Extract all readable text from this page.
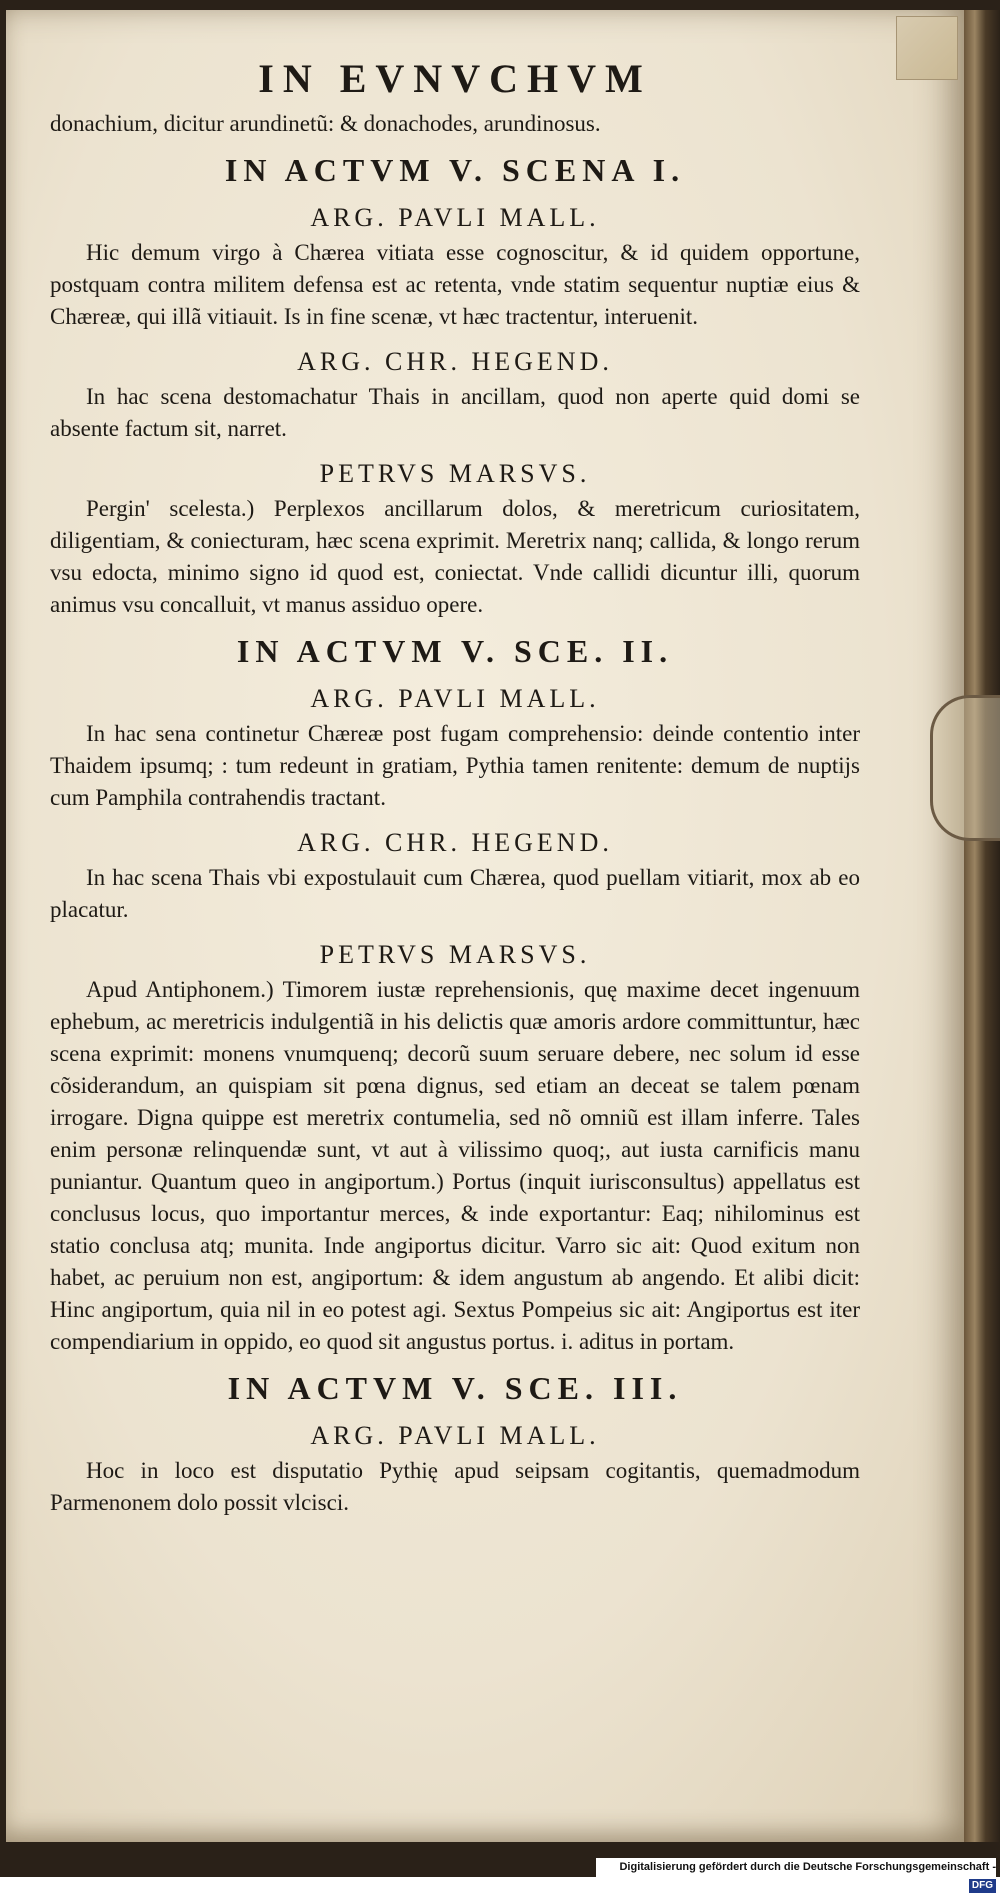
IN EVNVCHVM

donachium, dicitur arundinetũ: & donachodes, arundinosus.

IN ACTVM V. SCENA I.
ARG. PAVLI MALL.

Hic demum virgo à Chærea vitiata esse cognoscitur, & id quidem opportune, postquam contra militem defensa est ac retenta, vnde statim sequentur nuptiæ eius & Chæreæ, qui illã vitiauit. Is in fine scenæ, vt hæc tractentur, interuenit.

ARG. CHR. HEGEND.

In hac scena destomachatur Thais in ancillam, quod non aperte quid domi se absente factum sit, narret.

PETRVS MARSVS.

Pergin' scelesta.) Perplexos ancillarum dolos, & meretricum curiositatem, diligentiam, & coniecturam, hæc scena exprimit. Meretrix nanq; callida, & longo rerum vsu edocta, minimo signo id quod est, coniectat. Vnde callidi dicuntur illi, quorum animus vsu concalluit, vt manus assiduo opere.

IN ACTVM V. SCE. II.
ARG. PAVLI MALL.

In hac sena continetur Chæreæ post fugam comprehensio: deinde contentio inter Thaidem ipsumq; : tum redeunt in gratiam, Pythia tamen renitente: demum de nuptijs cum Pamphila contrahendis tractant.

ARG. CHR. HEGEND.

In hac scena Thais vbi expostulauit cum Chærea, quod puellam vitiarit, mox ab eo placatur.

PETRVS MARSVS.

Apud Antiphonem.) Timorem iustæ reprehensionis, quę maxime decet ingenuum ephebum, ac meretricis indulgentiã in his delictis quæ amoris ardore committuntur, hæc scena exprimit: monens vnumquenq; decorũ suum seruare debere, nec solum id esse cõsiderandum, an quispiam sit pœna dignus, sed etiam an deceat se talem pœnam irrogare. Digna quippe est meretrix contumelia, sed nõ omniũ est illam inferre. Tales enim personæ relinquendæ sunt, vt aut à vilissimo quoq;, aut iusta carnificis manu puniantur. Quantum queo in angiportum.) Portus (inquit iurisconsultus) appellatus est conclusus locus, quo importantur merces, & inde exportantur: Eaq; nihilominus est statio conclusa atq; munita. Inde angiportus dicitur. Varro sic ait: Quod exitum non habet, ac peruium non est, angiportum: & idem angustum ab angendo. Et alibi dicit: Hinc angiportum, quia nil in eo potest agi. Sextus Pompeius sic ait: Angiportus est iter compendiarium in oppido, eo quod sit angustus portus. i. aditus in portam.

IN ACTVM V. SCE. III.
ARG. PAVLI MALL.

Hoc in loco est disputatio Pythię apud seipsam cogitantis, quemadmodum Parmenonem dolo possit vlcisci.

Digitalisierung gefördert durch die Deutsche Forschungsgemeinschaft - DFG
